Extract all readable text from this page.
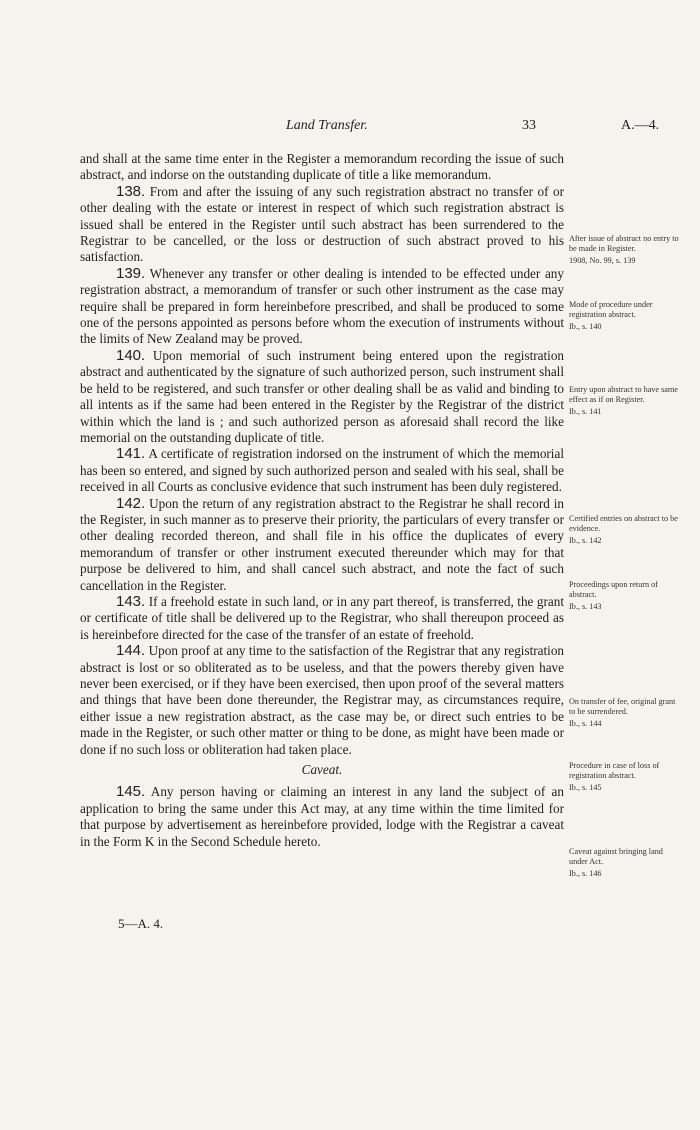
Land Transfer.	33	A.—4.

and shall at the same time enter in the Register a memorandum recording the issue of such abstract, and indorse on the outstanding duplicate of title a like memorandum.

138. From and after the issuing of any such registration abstract no transfer of or other dealing with the estate or interest in respect of which such registration abstract is issued shall be entered in the Register until such abstract has been surrendered to the Registrar to be cancelled, or the loss or destruction of such abstract proved to his satisfaction.

139. Whenever any transfer or other dealing is intended to be effected under any registration abstract, a memorandum of transfer or such other instrument as the case may require shall be prepared in form hereinbefore prescribed, and shall be produced to some one of the persons appointed as persons before whom the execution of instruments without the limits of New Zealand may be proved.

140. Upon memorial of such instrument being entered upon the registration abstract and authenticated by the signature of such authorized person, such instrument shall be held to be registered, and such transfer or other dealing shall be as valid and binding to all intents as if the same had been entered in the Register by the Registrar of the district within which the land is ; and such authorized person as aforesaid shall record the like memorial on the outstanding duplicate of title.

141. A certificate of registration indorsed on the instrument of which the memorial has been so entered, and signed by such authorized person and sealed with his seal, shall be received in all Courts as conclusive evidence that such instrument has been duly registered.

142. Upon the return of any registration abstract to the Registrar he shall record in the Register, in such manner as to preserve their priority, the particulars of every transfer or other dealing recorded thereon, and shall file in his office the duplicates of every memorandum of transfer or other instrument executed thereunder which may for that purpose be delivered to him, and shall cancel such abstract, and note the fact of such cancellation in the Register.

143. If a freehold estate in such land, or in any part thereof, is transferred, the grant or certificate of title shall be delivered up to the Registrar, who shall thereupon proceed as is hereinbefore directed for the case of the transfer of an estate of freehold.

144. Upon proof at any time to the satisfaction of the Registrar that any registration abstract is lost or so obliterated as to be useless, and that the powers thereby given have never been exercised, or if they have been exercised, then upon proof of the several matters and things that have been done thereunder, the Registrar may, as circumstances require, either issue a new registration abstract, as the case may be, or direct such entries to be made in the Register, or such other matter or thing to be done, as might have been made or done if no such loss or obliteration had taken place.

Caveat.

145. Any person having or claiming an interest in any land the subject of an application to bring the same under this Act may, at any time within the time limited for that purpose by advertisement as hereinbefore provided, lodge with the Registrar a caveat in the Form K in the Second Schedule hereto.

5—A. 4.
After issue of abstract no entry to be made in Register.
1908, No. 99, s. 139
Mode of procedure under registration abstract.
Ib., s. 140
Entry upon abstract to have same effect as if on Register.
Ib., s. 141
Certified entries on abstract to be evidence.
Ib., s. 142
Proceedings upon return of abstract.
Ib., s. 143
On transfer of fee, original grant to be surrendered.
Ib., s. 144
Procedure in case of loss of registration abstract.
Ib., s. 145
Caveat against bringing land under Act.
Ib., s. 146
